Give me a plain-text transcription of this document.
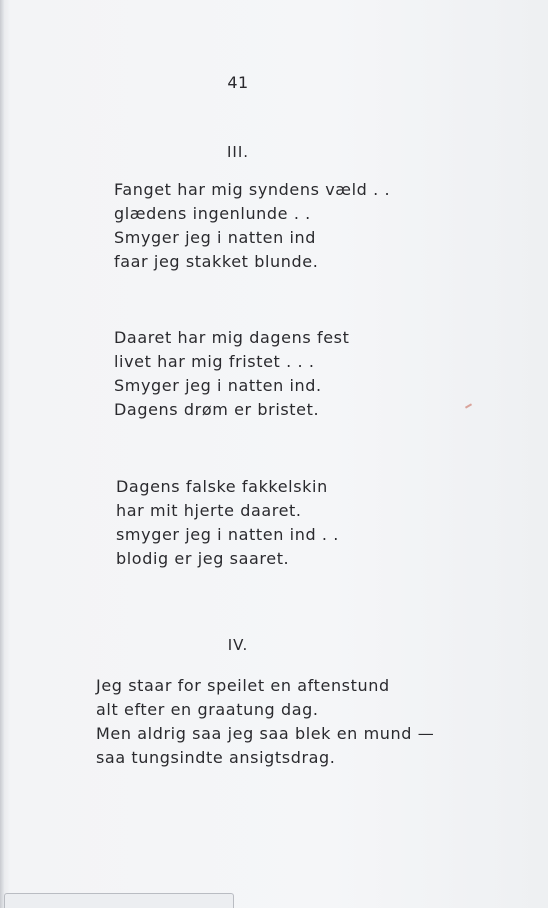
41
III.
Fanget har mig syndens væld . .
glædens ingenlunde . .
Smyger jeg i natten ind
faar jeg stakket blunde.
Daaret har mig dagens fest
livet har mig fristet . . .
Smyger jeg i natten ind.
Dagens drøm er bristet.
Dagens falske fakkelskin
har mit hjerte daaret.
smyger jeg i natten ind . .
blodig er jeg saaret.
IV.
Jeg staar for speilet en aftenstund
alt efter en graatung dag.
Men aldrig saa jeg saa blek en mund —
saa tungsindte ansigtsdrag.
